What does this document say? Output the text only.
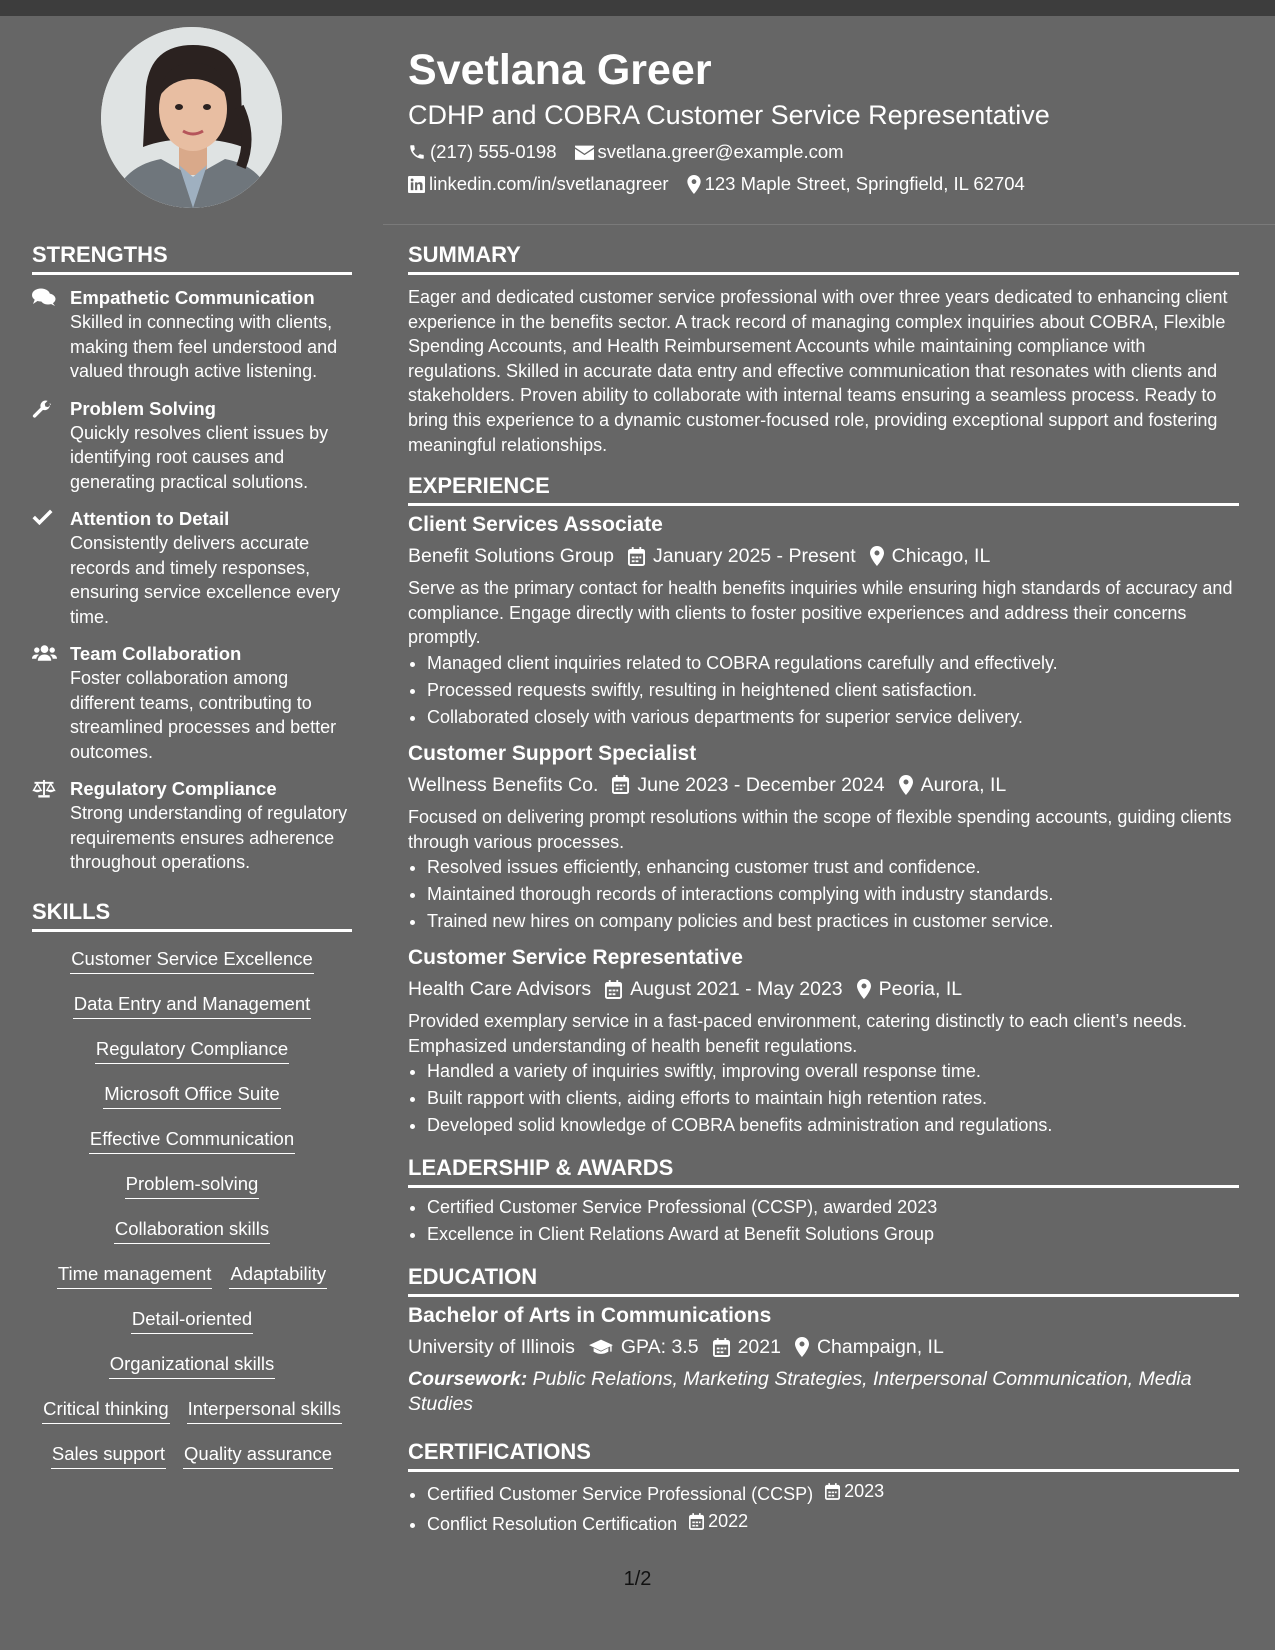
Svetlana Greer
CDHP and COBRA Customer Service Representative
(217) 555-0198 svetlana.greer@example.com
linkedin.com/in/svetlanagreer 123 Maple Street, Springfield, IL 62704
STRENGTHS
Empathetic Communication
Skilled in connecting with clients, making them feel understood and valued through active listening.
Problem Solving
Quickly resolves client issues by identifying root causes and generating practical solutions.
Attention to Detail
Consistently delivers accurate records and timely responses, ensuring service excellence every time.
Team Collaboration
Foster collaboration among different teams, contributing to streamlined processes and better outcomes.
Regulatory Compliance
Strong understanding of regulatory requirements ensures adherence throughout operations.
SKILLS
Customer Service Excellence
Data Entry and Management
Regulatory Compliance
Microsoft Office Suite
Effective Communication
Problem-solving
Collaboration skills
Time management Adaptability
Detail-oriented
Organizational skills
Critical thinking Interpersonal skills
Sales support Quality assurance
SUMMARY

Eager and dedicated customer service professional with over three years dedicated to enhancing client experience in the benefits sector. A track record of managing complex inquiries about COBRA, Flexible Spending Accounts, and Health Reimbursement Accounts while maintaining compliance with regulations. Skilled in accurate data entry and effective communication that resonates with clients and stakeholders. Proven ability to collaborate with internal teams ensuring a seamless process. Ready to bring this experience to a dynamic customer-focused role, providing exceptional support and fostering meaningful relationships.

EXPERIENCE
Client Services Associate
Benefit Solutions Group January 2025 - Present Chicago, IL

Serve as the primary contact for health benefits inquiries while ensuring high standards of accuracy and compliance. Engage directly with clients to foster positive experiences and address their concerns promptly.

• Managed client inquiries related to COBRA regulations carefully and effectively.
• Processed requests swiftly, resulting in heightened client satisfaction.
• Collaborated closely with various departments for superior service delivery.
Customer Support Specialist
Wellness Benefits Co. June 2023 - December 2024 Aurora, IL

Focused on delivering prompt resolutions within the scope of flexible spending accounts, guiding clients through various processes.

• Resolved issues efficiently, enhancing customer trust and confidence.
• Maintained thorough records of interactions complying with industry standards.
• Trained new hires on company policies and best practices in customer service.
Customer Service Representative
Health Care Advisors August 2021 - May 2023 Peoria, IL

Provided exemplary service in a fast-paced environment, catering distinctly to each client’s needs. Emphasized understanding of health benefit regulations.

• Handled a variety of inquiries swiftly, improving overall response time.
• Built rapport with clients, aiding efforts to maintain high retention rates.
• Developed solid knowledge of COBRA benefits administration and regulations.
LEADERSHIP & AWARDS
• Certified Customer Service Professional (CCSP), awarded 2023
• Excellence in Client Relations Award at Benefit Solutions Group
EDUCATION
Bachelor of Arts in Communications
University of Illinois GPA: 3.5 2021 Champaign, IL
Coursework: Public Relations, Marketing Strategies, Interpersonal Communication, Media Studies
CERTIFICATIONS
• Certified Customer Service Professional (CCSP) 2023
• Conflict Resolution Certification 2022
1/2
